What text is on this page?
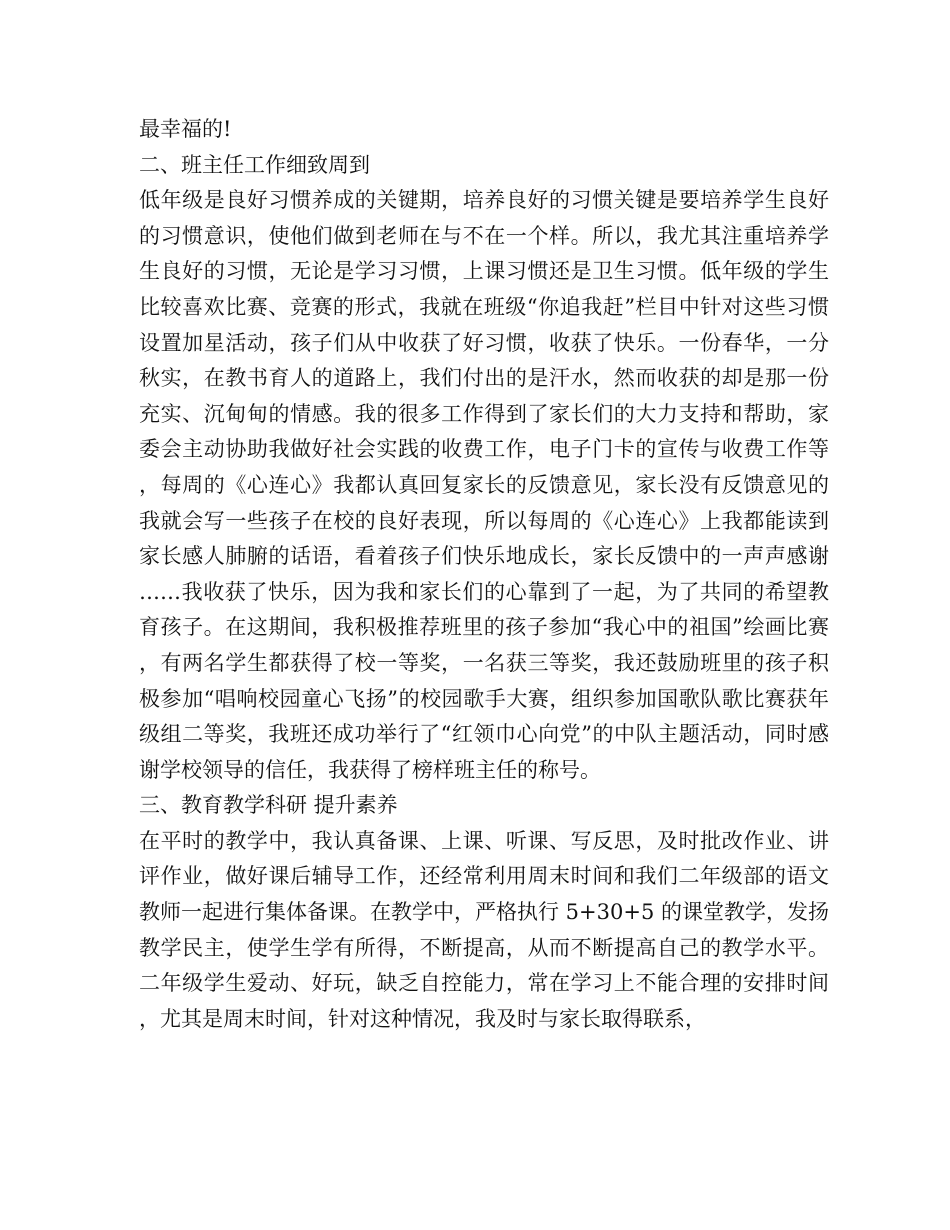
最幸福的!

二、班主任工作细致周到

低年级是良好习惯养成的关键期，培养良好的习惯关键是要培养学生良好的习惯意识，使他们做到老师在与不在一个样。所以，我尤其注重培养学生良好的习惯，无论是学习习惯，上课习惯还是卫生习惯。低年级的学生比较喜欢比赛、竞赛的形式，我就在班级“你追我赶”栏目中针对这些习惯设置加星活动，孩子们从中收获了好习惯，收获了快乐。一份春华，一分秋实，在教书育人的道路上，我们付出的是汗水，然而收获的却是那一份充实、沉甸甸的情感。我的很多工作得到了家长们的大力支持和帮助，家委会主动协助我做好社会实践的收费工作，电子门卡的宣传与收费工作等，每周的《心连心》我都认真回复家长的反馈意见，家长没有反馈意见的我就会写一些孩子在校的良好表现，所以每周的《心连心》上我都能读到家长感人肺腑的话语，看着孩子们快乐地成长，家长反馈中的一声声感谢……我收获了快乐，因为我和家长们的心靠到了一起，为了共同的希望教育孩子。在这期间，我积极推荐班里的孩子参加“我心中的祖国”绘画比赛，有两名学生都获得了校一等奖，一名获三等奖，我还鼓励班里的孩子积极参加“唱响校园童心飞扬”的校园歌手大赛，组织参加国歌队歌比赛获年级组二等奖，我班还成功举行了“红领巾心向党”的中队主题活动，同时感谢学校领导的信任，我获得了榜样班主任的称号。

三、教育教学科研 提升素养

在平时的教学中，我认真备课、上课、听课、写反思，及时批改作业、讲评作业，做好课后辅导工作，还经常利用周末时间和我们二年级部的语文教师一起进行集体备课。在教学中，严格执行 5+30+5 的课堂教学，发扬教学民主，使学生学有所得，不断提高，从而不断提高自己的教学水平。二年级学生爱动、好玩，缺乏自控能力，常在学习上不能合理的安排时间，尤其是周末时间，针对这种情况，我及时与家长取得联系，
